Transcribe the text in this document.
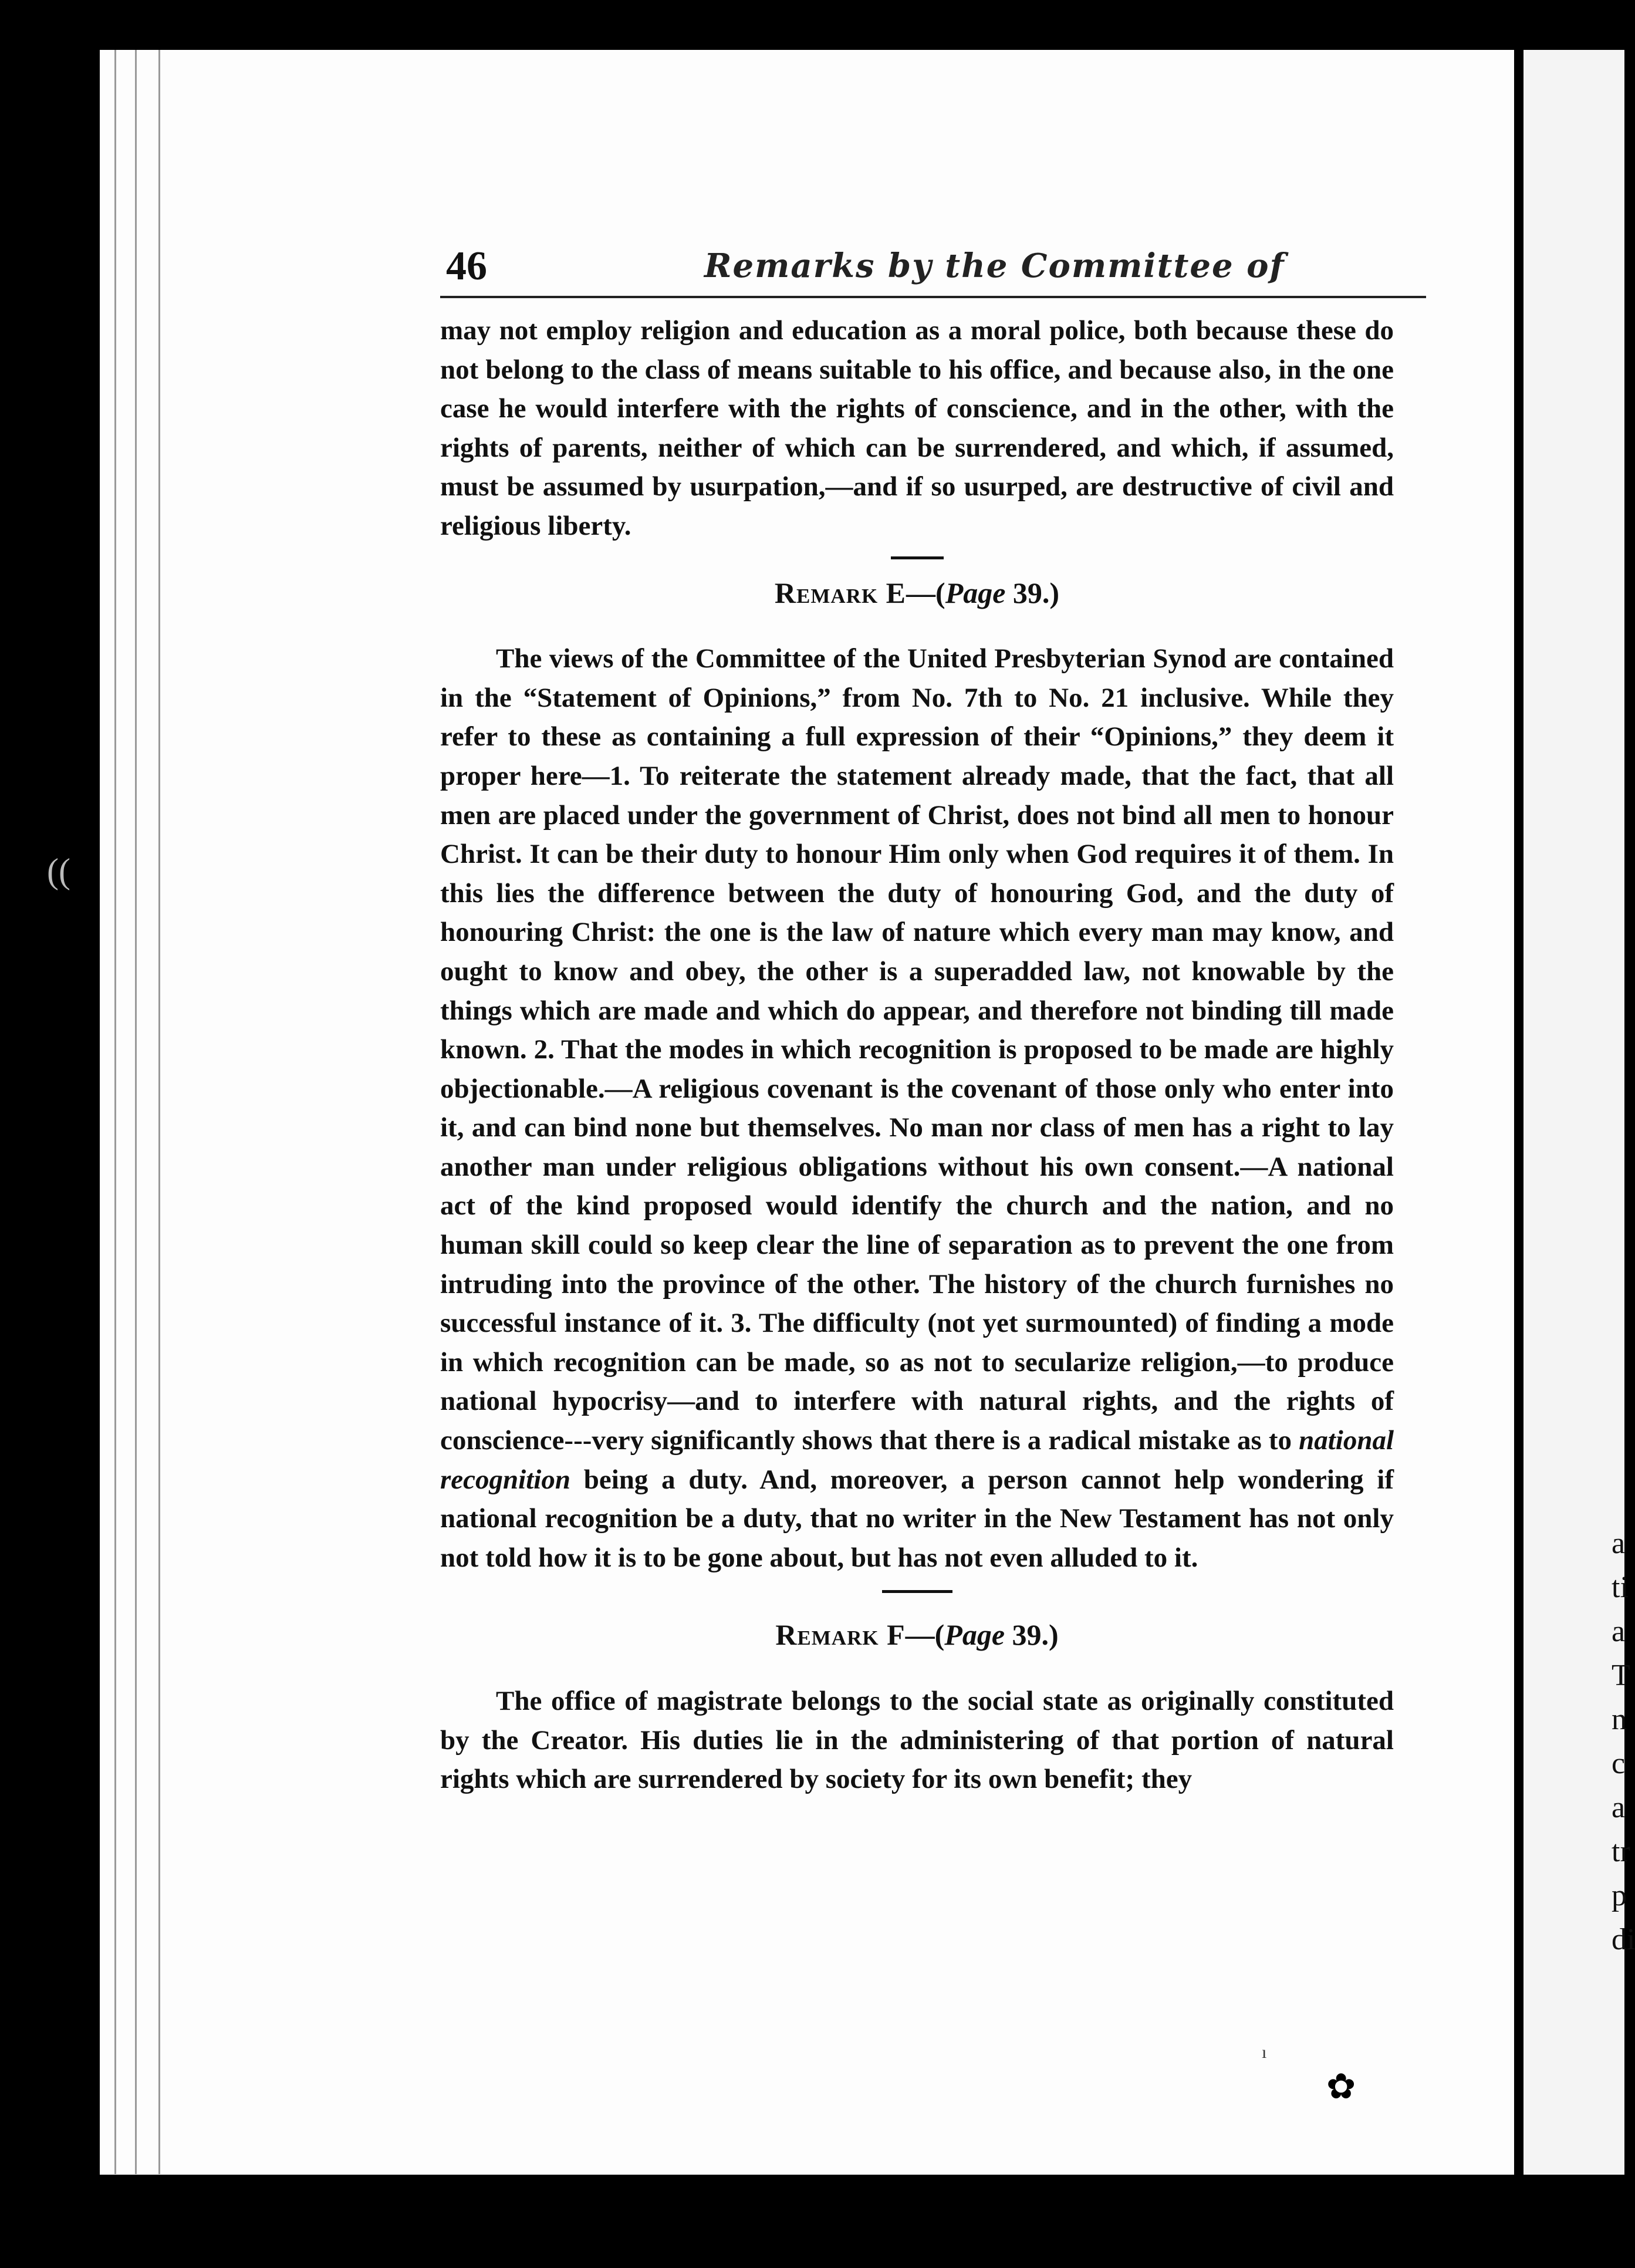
a
ti
a
T
n
c
a
tr
p
di
46	Remarks by the Committee of

may not employ religion and education as a moral police, both because these do not belong to the class of means suitable to his office, and because also, in the one case he would interfere with the rights of conscience, and in the other, with the rights of parents, neither of which can be surrendered, and which, if assumed, must be assumed by usurpation,—and if so usurped, are destructive of civil and religious liberty.

Remark E—(Page 39.)

The views of the Committee of the United Presbyterian Synod are contained in the “Statement of Opinions,” from No. 7th to No. 21 inclusive. While they refer to these as containing a full expression of their “Opinions,” they deem it proper here—1. To reiterate the statement already made, that the fact, that all men are placed under the government of Christ, does not bind all men to honour Christ. It can be their duty to honour Him only when God requires it of them. In this lies the difference between the duty of honouring God, and the duty of honouring Christ: the one is the law of nature which every man may know, and ought to know and obey, the other is a superadded law, not knowable by the things which are made and which do appear, and therefore not binding till made known. 2. That the modes in which recognition is proposed to be made are highly objectionable.—A religious covenant is the covenant of those only who enter into it, and can bind none but themselves. No man nor class of men has a right to lay another man under religious obligations without his own consent.—A national act of the kind proposed would identify the church and the nation, and no human skill could so keep clear the line of separation as to prevent the one from intruding into the province of the other. The history of the church furnishes no successful instance of it. 3. The difficulty (not yet surmounted) of finding a mode in which recognition can be made, so as not to secularize religion,—to produce national hypocrisy—and to interfere with natural rights, and the rights of conscience---very significantly shows that there is a radical mistake as to national recognition being a duty. And, moreover, a person cannot help wondering if national recognition be a duty, that no writer in the New Testament has not only not told how it is to be gone about, but has not even alluded to it.

Remark F—(Page 39.)

The office of magistrate belongs to the social state as originally constituted by the Creator. His duties lie in the administering of that portion of natural rights which are surrendered by society for its own benefit; they

((
ı
✿
